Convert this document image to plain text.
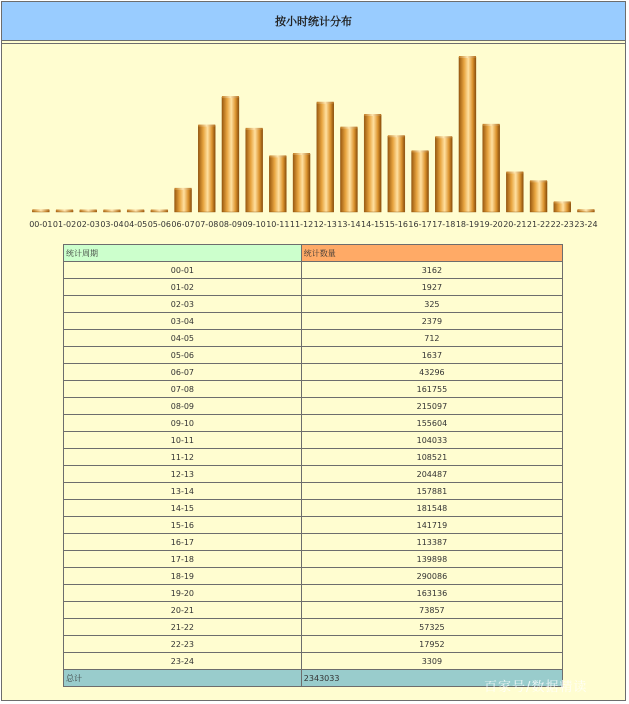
按小时统计分布
00-01 01-02 02-03 03-04 04-05 05-06 06-07 07-08 08-09 09-10 10-11 11-12 12-13 13-14 14-15 15-16 16-17 17-18 18-19 19-20 20-21 21-22 22-23 23-24
统计周期	统计数量
00-01	3162
01-02	1927
02-03	325
03-04	2379
04-05	712
05-06	1637
06-07	43296
07-08	161755
08-09	215097
09-10	155604
10-11	104033
11-12	108521
12-13	204487
13-14	157881
14-15	181548
15-16	141719
16-17	113387
17-18	139898
18-19	290086
19-20	163136
20-21	73857
21-22	57325
22-23	17952
23-24	3309
总计	2343033
百家号/数据精读
